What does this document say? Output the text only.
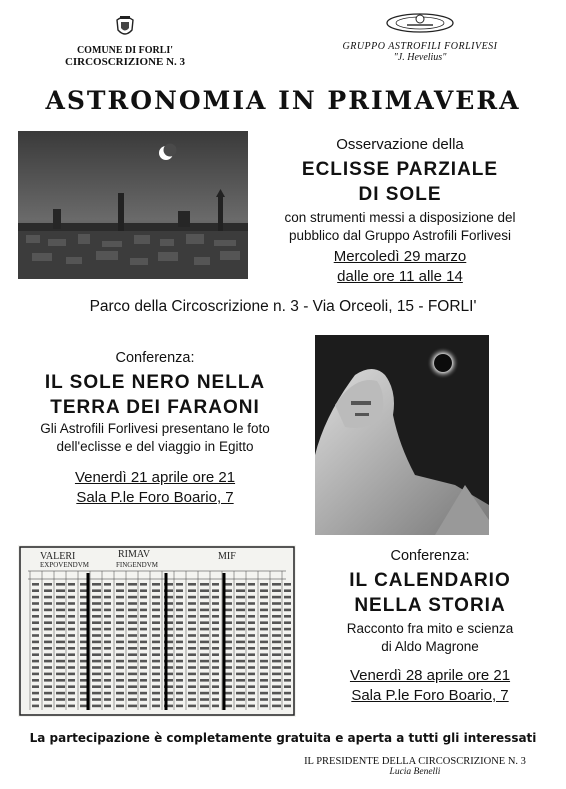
COMUNE DI FORLI'
CIRCOSCRIZIONE N. 3
GRUPPO ASTROFILI FORLIVESI
"J. Hevelius"
ASTRONOMIA IN PRIMAVERA
Osservazione della
ECLISSE PARZIALE
DI SOLE
con strumenti messi a disposizione del
pubblico dal Gruppo Astrofili Forlivesi
Mercoledì 29 marzo
dalle ore 11 alle 14
Parco della Circoscrizione n. 3 - Via Orceoli, 15 - FORLI'
Conferenza:
IL SOLE NERO NELLA
TERRA DEI FARAONI
Gli Astrofili Forlivesi presentano le foto
dell'eclisse e del viaggio in Egitto
Venerdì 21 aprile ore 21
Sala P.le Foro Boario, 7
VALERI	RIMAV
EXPOVENDVM	FINGENDVM
MIF	Conferenza:
IL CALENDARIO
NELLA STORIA
Racconto fra mito e scienza
di Aldo Magrone
Venerdì 28 aprile ore 21
Sala P.le Foro Boario, 7
La partecipazione è completamente gratuita e aperta a tutti gli interessati
IL PRESIDENTE DELLA CIRCOSCRIZIONE N. 3
Lucia Benelli
